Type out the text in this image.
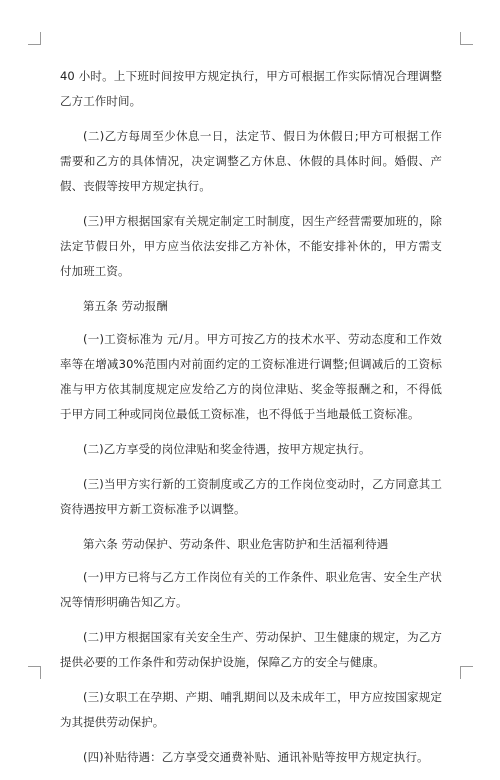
40 小时。上下班时间按甲方规定执行，甲方可根据工作实际情况合理调整乙方工作时间。

(二)乙方每周至少休息一日，法定节、假日为休假日;甲方可根据工作需要和乙方的具体情况，决定调整乙方休息、休假的具体时间。婚假、产假、丧假等按甲方规定执行。

(三)甲方根据国家有关规定制定工时制度，因生产经营需要加班的，除法定节假日外，甲方应当依法安排乙方补休，不能安排补休的，甲方需支付加班工资。

第五条 劳动报酬

(一)工资标准为 元/月。甲方可按乙方的技术水平、劳动态度和工作效率等在增减30%范围内对前面约定的工资标准进行调整;但调减后的工资标准与甲方依其制度规定应发给乙方的岗位津贴、奖金等报酬之和，不得低于甲方同工种或同岗位最低工资标准，也不得低于当地最低工资标准。

(二)乙方享受的岗位津贴和奖金待遇，按甲方规定执行。

(三)当甲方实行新的工资制度或乙方的工作岗位变动时，乙方同意其工资待遇按甲方新工资标准予以调整。

第六条 劳动保护、劳动条件、职业危害防护和生活福利待遇

(一)甲方已将与乙方工作岗位有关的工作条件、职业危害、安全生产状况等情形明确告知乙方。

(二)甲方根据国家有关安全生产、劳动保护、卫生健康的规定，为乙方提供必要的工作条件和劳动保护设施，保障乙方的安全与健康。

(三)女职工在孕期、产期、哺乳期间以及未成年工，甲方应按国家规定为其提供劳动保护。

(四)补贴待遇：乙方享受交通费补贴、通讯补贴等按甲方规定执行。
